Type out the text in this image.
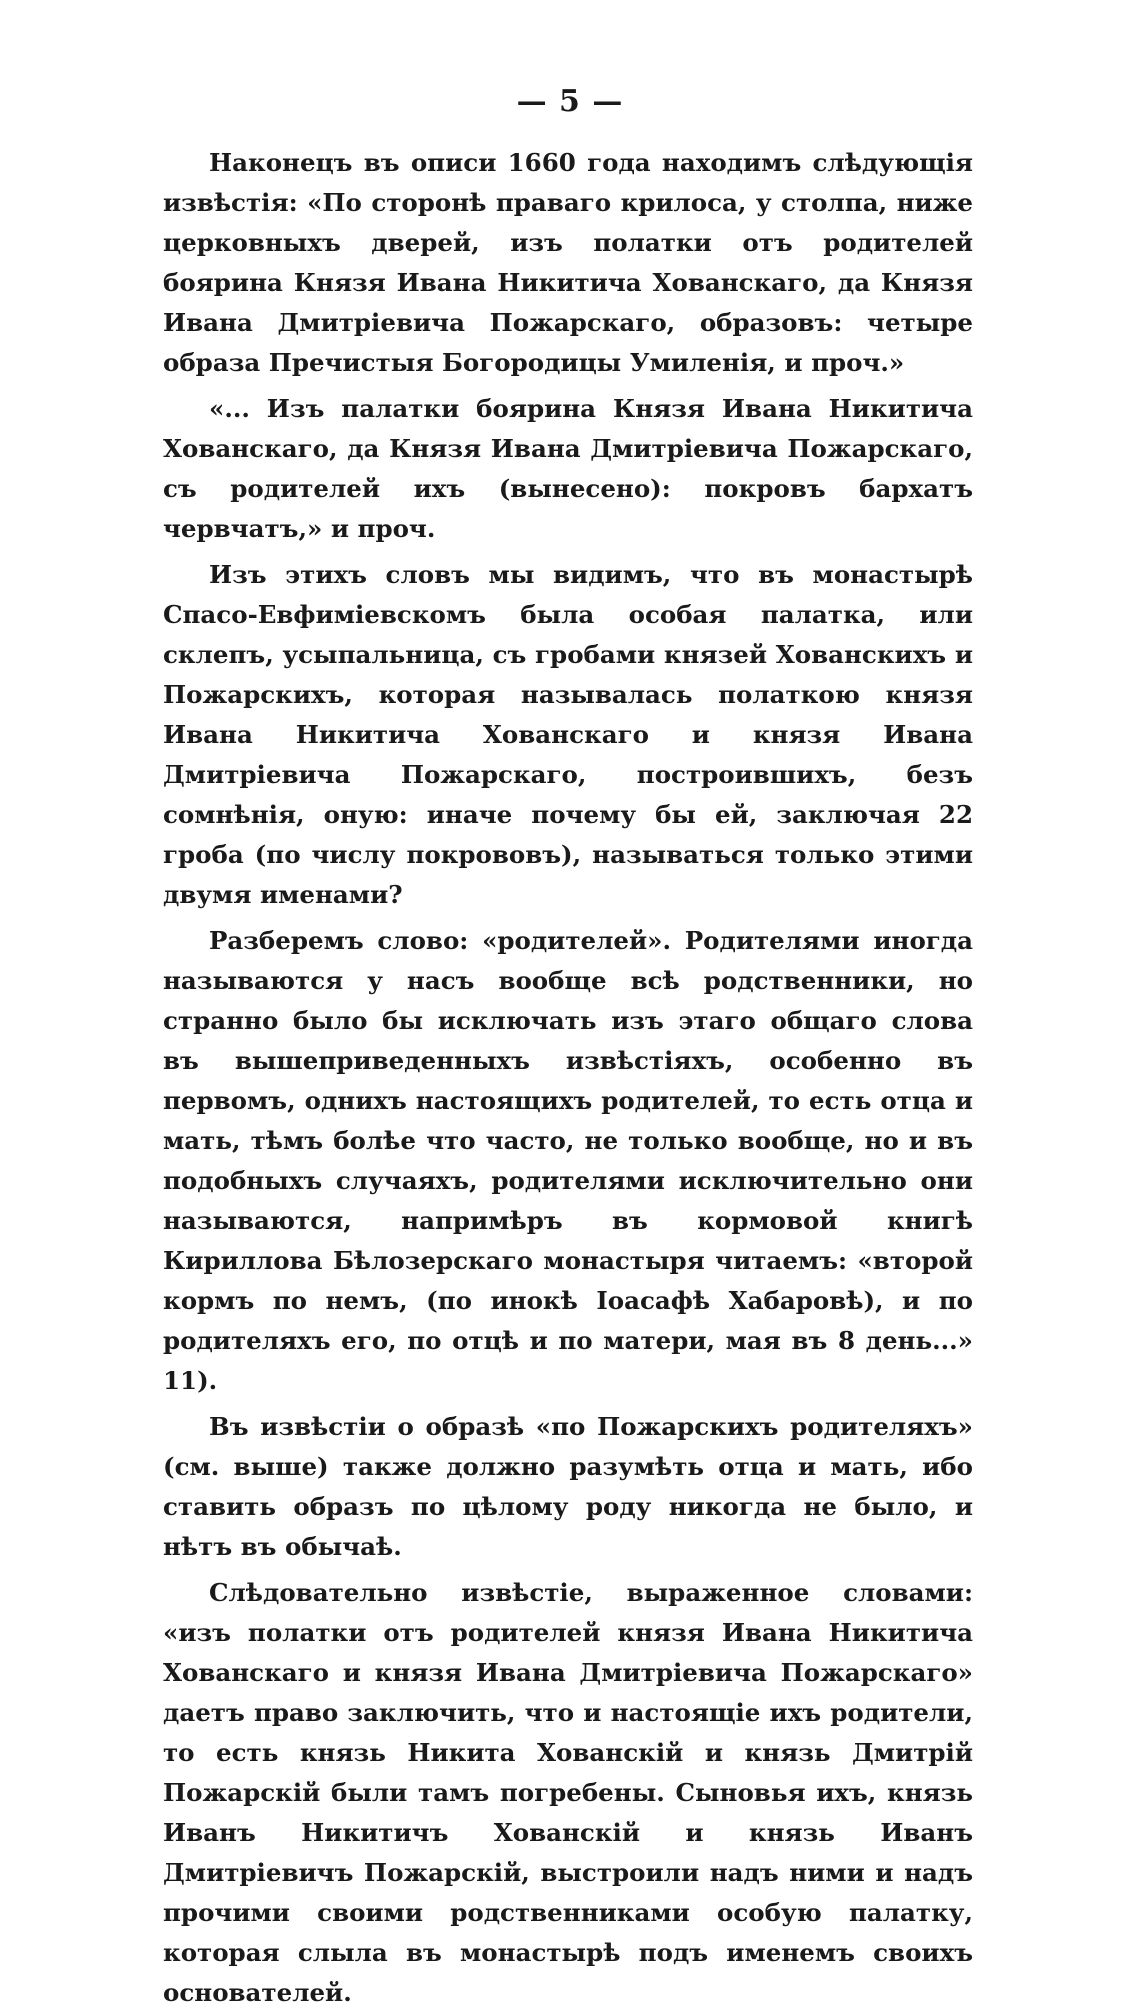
— 5 —

Наконецъ въ описи 1660 года находимъ слѣдующія извѣстія: «По сторонѣ праваго крилоса, у столпа, ниже церковныхъ дверей, изъ полатки отъ родителей боярина Князя Ивана Никитича Хованскаго, да Князя Ивана Дмитріевича Пожарскаго, образовъ: четыре образа Пречистыя Богородицы Умиленія, и проч.»

«... Изъ палатки боярина Князя Ивана Никитича Хованскаго, да Князя Ивана Дмитріевича Пожарскаго, съ родителей ихъ (вынесено): покровъ бархатъ червчатъ,» и проч.

Изъ этихъ словъ мы видимъ, что въ монастырѣ Спасо-Евфиміевскомъ была особая палатка, или склепъ, усыпальница, съ гробами князей Хованскихъ и Пожарскихъ, которая называлась полаткою князя Ивана Никитича Хованскаго и князя Ивана Дмитріевича Пожарскаго, построившихъ, безъ сомнѣнія, оную: иначе почему бы ей, заключая 22 гроба (по числу покрововъ), называться только этими двумя именами?

Разберемъ слово: «родителей». Родителями иногда называются у насъ вообще всѣ родственники, но странно было бы исключать изъ этаго общаго слова въ вышеприведенныхъ извѣстіяхъ, особенно въ первомъ, однихъ настоящихъ родителей, то есть отца и мать, тѣмъ болѣе что часто, не только вообще, но и въ подобныхъ случаяхъ, родителями исключительно они называются, напримѣръ въ кормовой книгѣ Кириллова Бѣлозерскаго монастыря читаемъ: «второй кормъ по немъ, (по инокѣ Іоасафѣ Хабаровѣ), и по родителяхъ его, по отцѣ и по матери, мая въ 8 день...» 11).

Въ извѣстіи о образѣ «по Пожарскихъ родителяхъ» (см. выше) также должно разумѣть отца и мать, ибо ставить образъ по цѣлому роду никогда не было, и нѣтъ въ обычаѣ.

Слѣдовательно извѣстіе, выраженное словами: «изъ полатки отъ родителей князя Ивана Никитича Хованскаго и князя Ивана Дмитріевича Пожарскаго» даетъ право заключить, что и настоящіе ихъ родители, то есть князь Никита Хованскій и князь Дмитрій Пожарскій были тамъ погребены. Сыновья ихъ, князь Иванъ Никитичъ Хованскій и князь Иванъ Дмитріевичъ Пожарскій, выстроили надъ ними и надъ прочими своими родственниками особую палатку, которая слыла въ монастырѣ подъ именемъ своихъ основателей.
